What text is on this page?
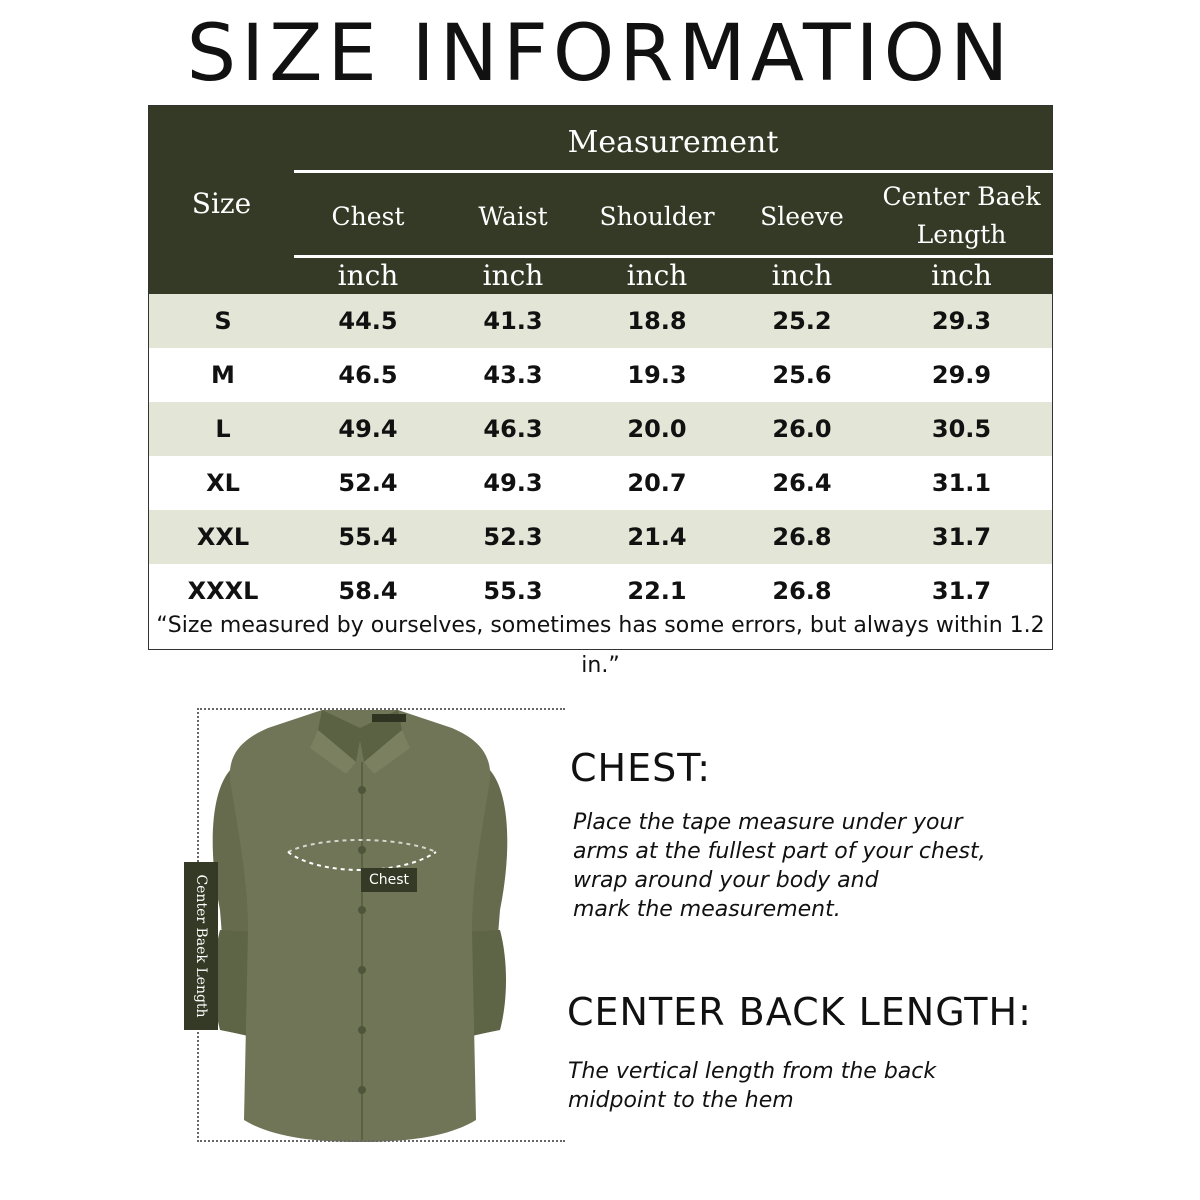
SIZE INFORMATION
Size
Measurement
Chest	Waist	Shoulder	Sleeve
Center Baek
Length
inch	inch	inch	inch	inch
S	44.5	41.3	18.8	25.2	29.3
M	46.5	43.3	19.3	25.6	29.9
L	49.4	46.3	20.0	26.0	30.5
XL	52.4	49.3	20.7	26.4	31.1
XXL	55.4	52.3	21.4	26.8	31.7
XXXL	58.4	55.3	22.1	26.8	31.7
“Size measured by ourselves, sometimes has some errors, but always within 1.2 in.”
Center Baek Length	Chest
CHEST:
Place the tape measure under your
arms at the fullest part of your chest,
wrap around your body and
mark the measurement.
CENTER BACK LENGTH:
The vertical length from the back
midpoint to the hem
